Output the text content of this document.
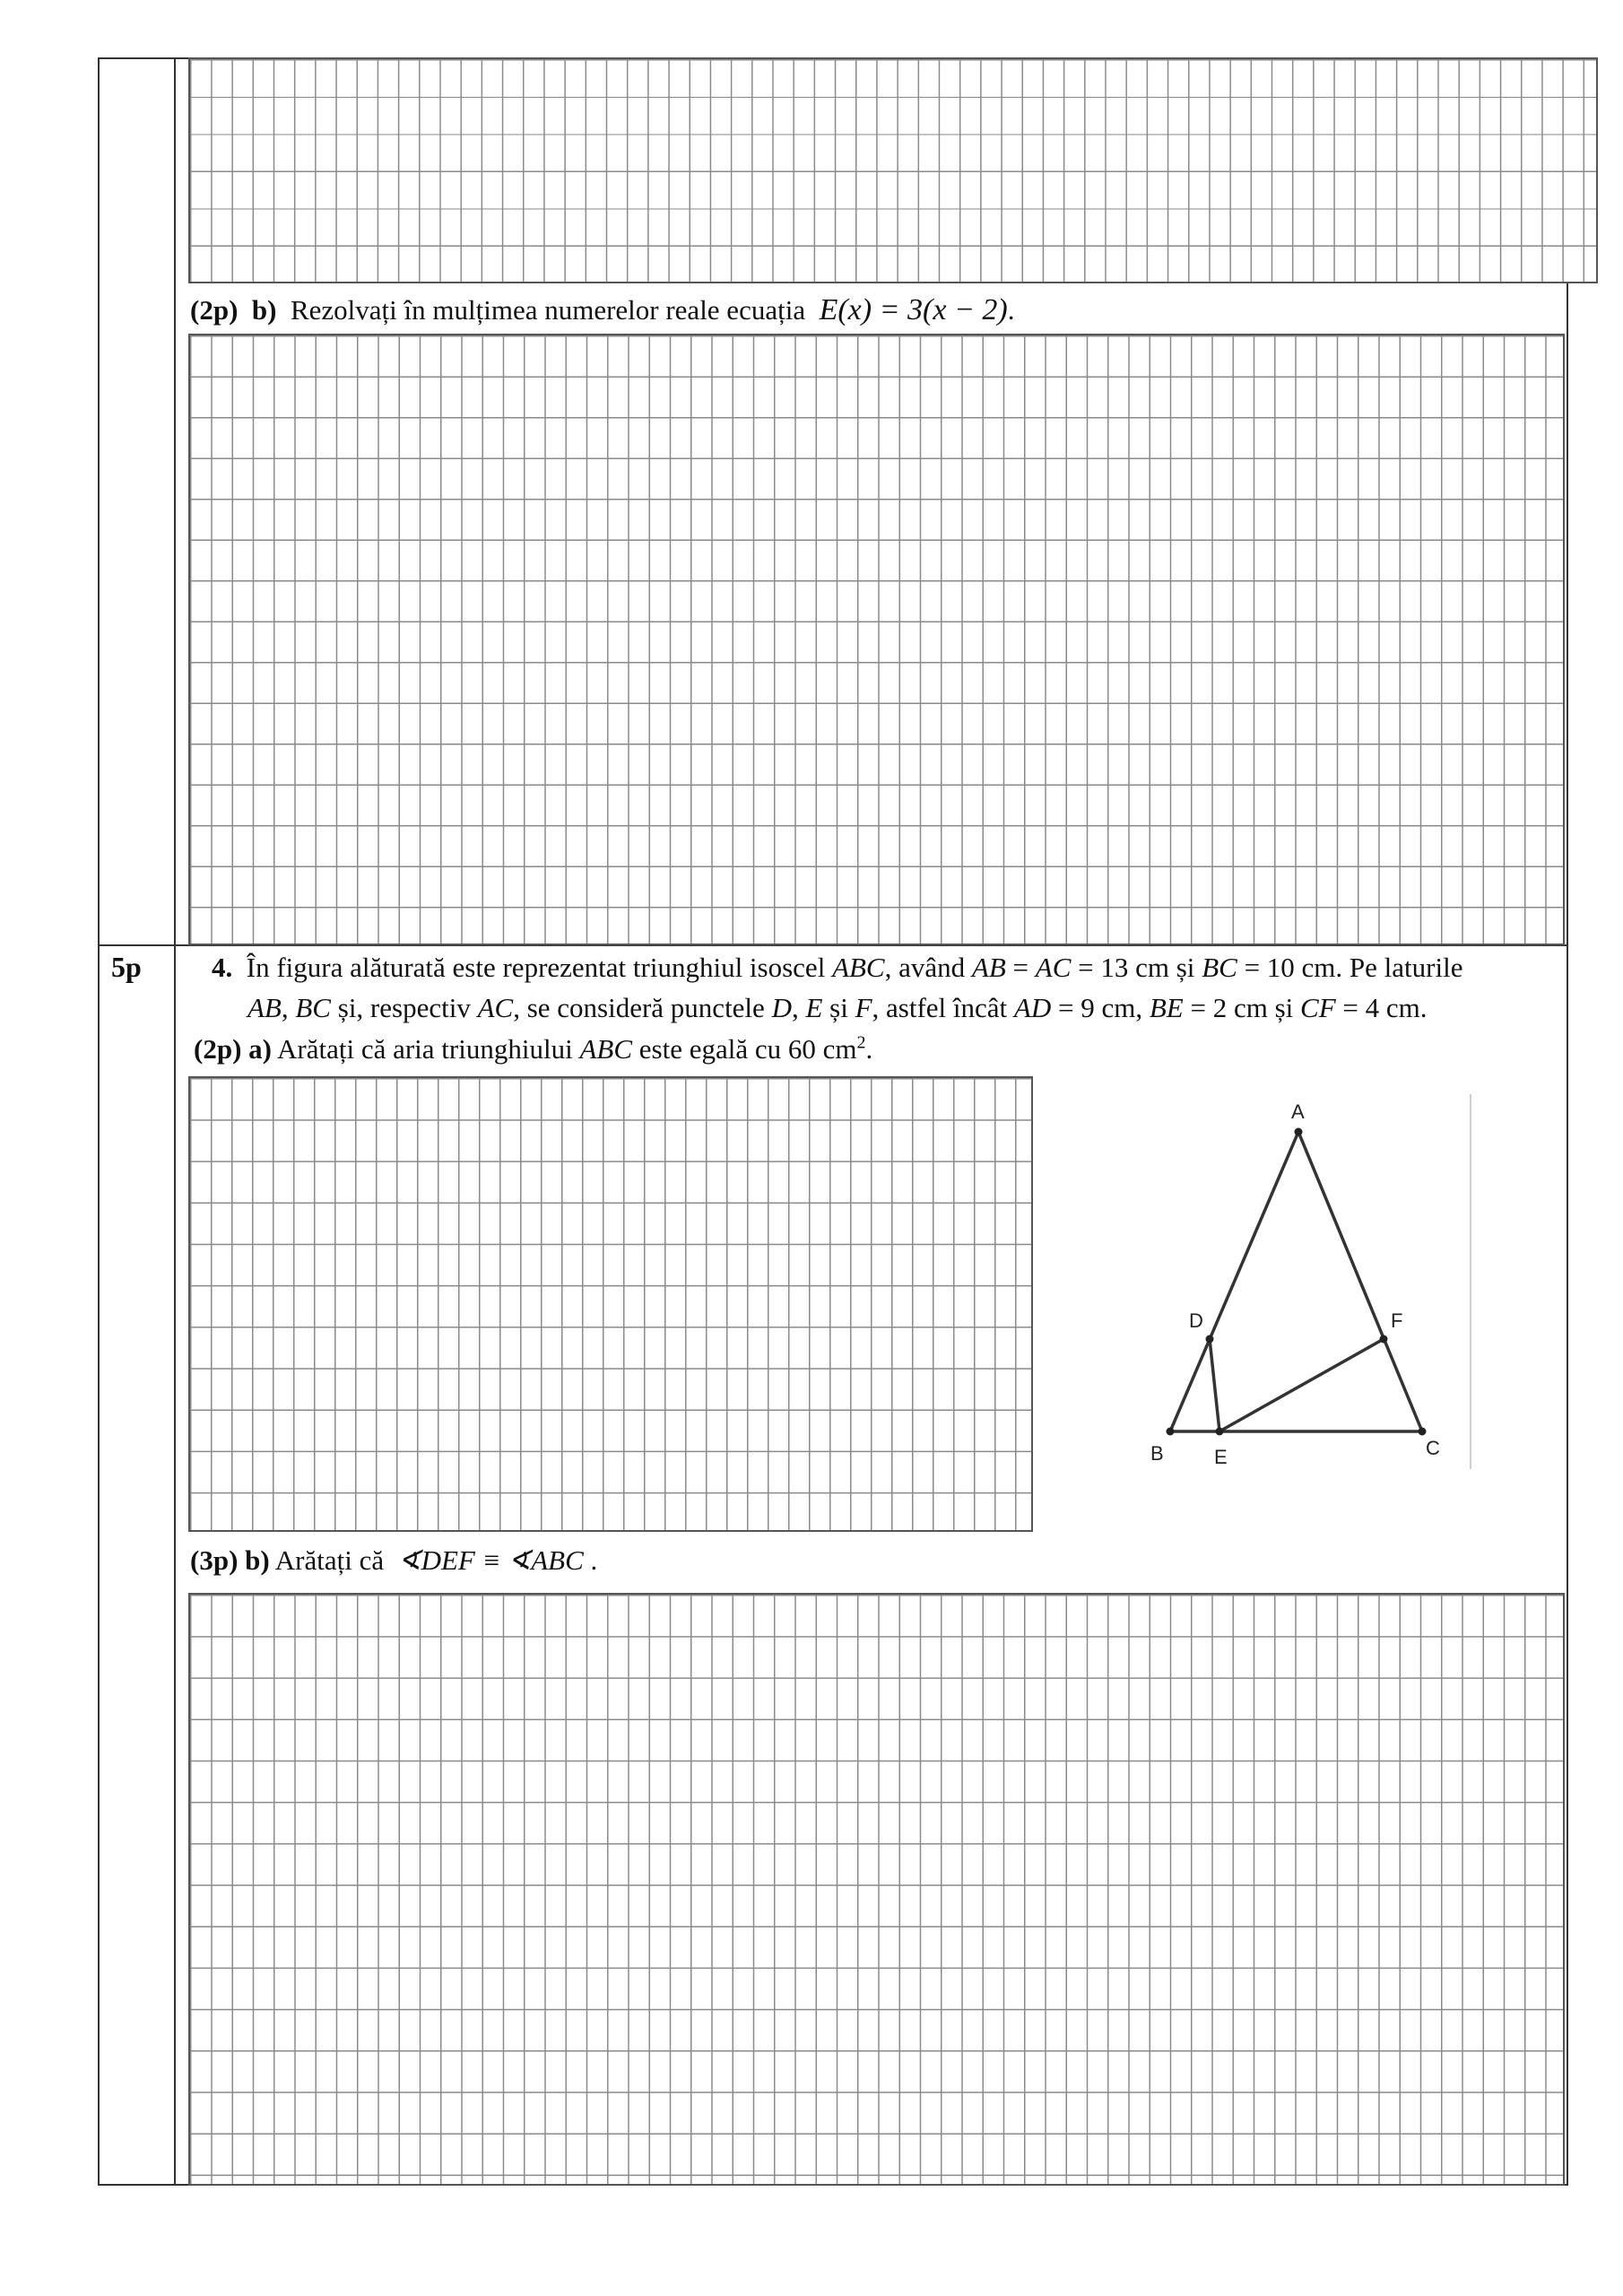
(2p) b) Rezolvați în mulțimea numerelor reale ecuația E(x) = 3(x − 2).
5p	4. În figura alăturată este reprezentat triunghiul isoscel ABC, având AB = AC = 13 cm și BC = 10 cm. Pe laturile
AB, BC și, respectiv AC, se consideră punctele D, E și F, astfel încât AD = 9 cm, BE = 2 cm și CF = 4 cm.
(2p) a) Arătați că aria triunghiului ABC este egală cu 60 $cm^2$.
A
B	C
D
E
F
(3p) b) Arătați că ∢DEF ≡ ∢ABC .
